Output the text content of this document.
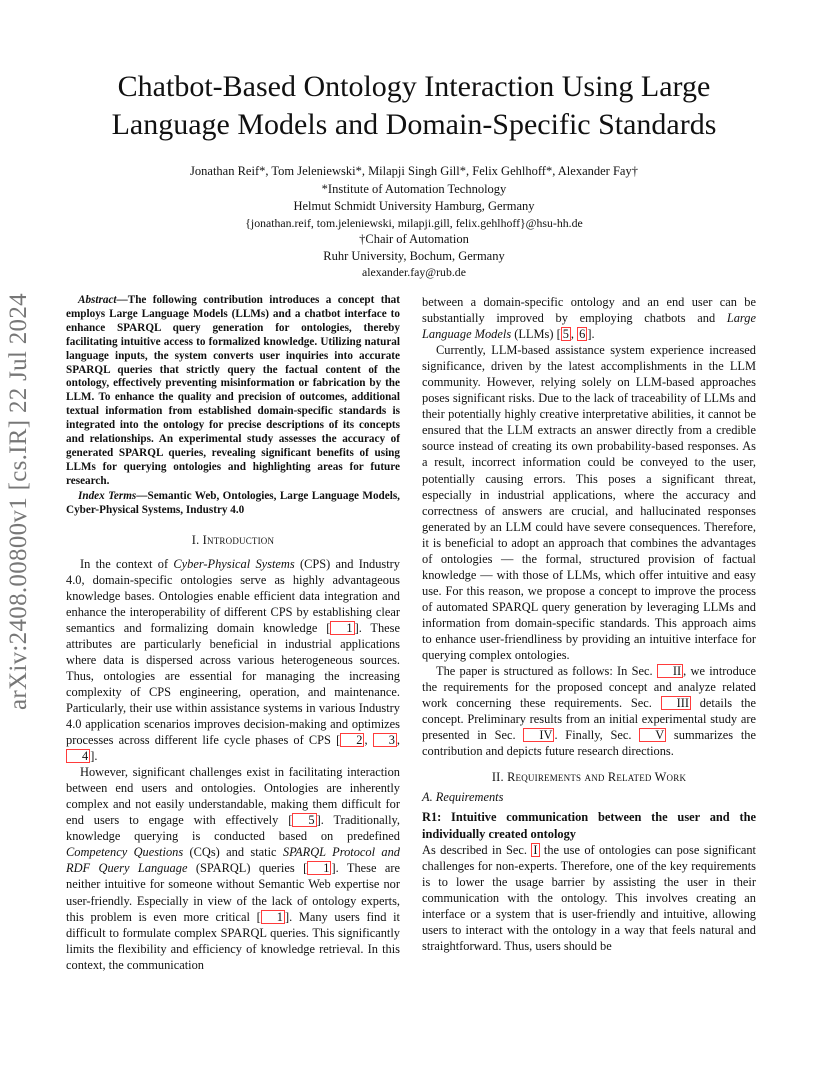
arXiv:2408.00800v1 [cs.IR] 22 Jul 2024
Chatbot-Based Ontology Interaction Using Large Language Models and Domain-Specific Standards
Jonathan Reif*, Tom Jeleniewski*, Milapji Singh Gill*, Felix Gehlhoff*, Alexander Fay†
*Institute of Automation Technology
Helmut Schmidt University Hamburg, Germany
{jonathan.reif, tom.jeleniewski, milapji.gill, felix.gehlhoff}@hsu-hh.de
†Chair of Automation
Ruhr University, Bochum, Germany
alexander.fay@rub.de

Abstract—The following contribution introduces a concept that employs Large Language Models (LLMs) and a chatbot interface to enhance SPARQL query generation for ontologies, thereby facilitating intuitive access to formalized knowledge. Utilizing natural language inputs, the system converts user inquiries into accurate SPARQL queries that strictly query the factual content of the ontology, effectively preventing misinformation or fabrication by the LLM. To enhance the quality and precision of outcomes, additional textual information from established domain-specific standards is integrated into the ontology for precise descriptions of its concepts and relationships. An experimental study assesses the accuracy of generated SPARQL queries, revealing significant benefits of using LLMs for querying ontologies and highlighting areas for future research.

Index Terms—Semantic Web, Ontologies, Large Language Models, Cyber-Physical Systems, Industry 4.0

I. Introduction

In the context of Cyber-Physical Systems (CPS) and Industry 4.0, domain-specific ontologies serve as highly advantageous knowledge bases. Ontologies enable efficient data integration and enhance the interoperability of different CPS by establishing clear semantics and formalizing domain knowledge [ 1 ]. These attributes are particularly beneficial in industrial applications where data is dispersed across various heterogeneous sources. Thus, ontologies are essential for managing the increasing complexity of CPS engineering, operation, and maintenance. Particularly, their use within assistance systems in various Industry 4.0 application scenarios improves decision-making and optimizes processes across different life cycle phases of CPS [ 2 , 3 , 4 ].

However, significant challenges exist in facilitating interaction between end users and ontologies. Ontologies are inherently complex and not easily understandable, making them difficult for end users to engage with effectively [ 5 ]. Traditionally, knowledge querying is conducted based on predefined Competency Questions (CQs) and static SPARQL Protocol and RDF Query Language (SPARQL) queries [ 1 ]. These are neither intuitive for someone without Semantic Web expertise nor user-friendly. Especially in view of the lack of ontology experts, this problem is even more critical [ 1 ]. Many users find it difficult to formulate complex SPARQL queries. This significantly limits the flexibility and efficiency of knowledge retrieval. In this context, the communication

between a domain-specific ontology and an end user can be substantially improved by employing chatbots and Large Language Models (LLMs) [ 5 , 6 ].

Currently, LLM-based assistance system experience increased significance, driven by the latest accomplishments in the LLM community. However, relying solely on LLM-based approaches poses significant risks. Due to the lack of traceability of LLMs and their potentially highly creative interpretative abilities, it cannot be ensured that the LLM extracts an answer directly from a credible source instead of creating its own probability-based responses. As a result, incorrect information could be conveyed to the user, potentially causing errors. This poses a significant threat, especially in industrial applications, where the accuracy and correctness of answers are crucial, and hallucinated responses generated by an LLM could have severe consequences. Therefore, it is beneficial to adopt an approach that combines the advantages of ontologies — the formal, structured provision of factual knowledge — with those of LLMs, which offer intuitive and easy use. For this reason, we propose a concept to improve the process of automated SPARQL query generation by leveraging LLMs and information from domain-specific standards. This approach aims to enhance user-friendliness by providing an intuitive interface for querying complex ontologies.

The paper is structured as follows: In Sec. II , we introduce the requirements for the proposed concept and analyze related work concerning these requirements. Sec. III details the concept. Preliminary results from an initial experimental study are presented in Sec. IV . Finally, Sec. V summarizes the contribution and depicts future research directions.

II. Requirements and Related Work
A. Requirements
R1: Intuitive communication between the user and the individually created ontology

As described in Sec. I the use of ontologies can pose significant challenges for non-experts. Therefore, one of the key requirements is to lower the usage barrier by assisting the user in their communication with the ontology. This involves creating an interface or a system that is user-friendly and intuitive, allowing users to interact with the ontology in a way that feels natural and straightforward. Thus, users should be
